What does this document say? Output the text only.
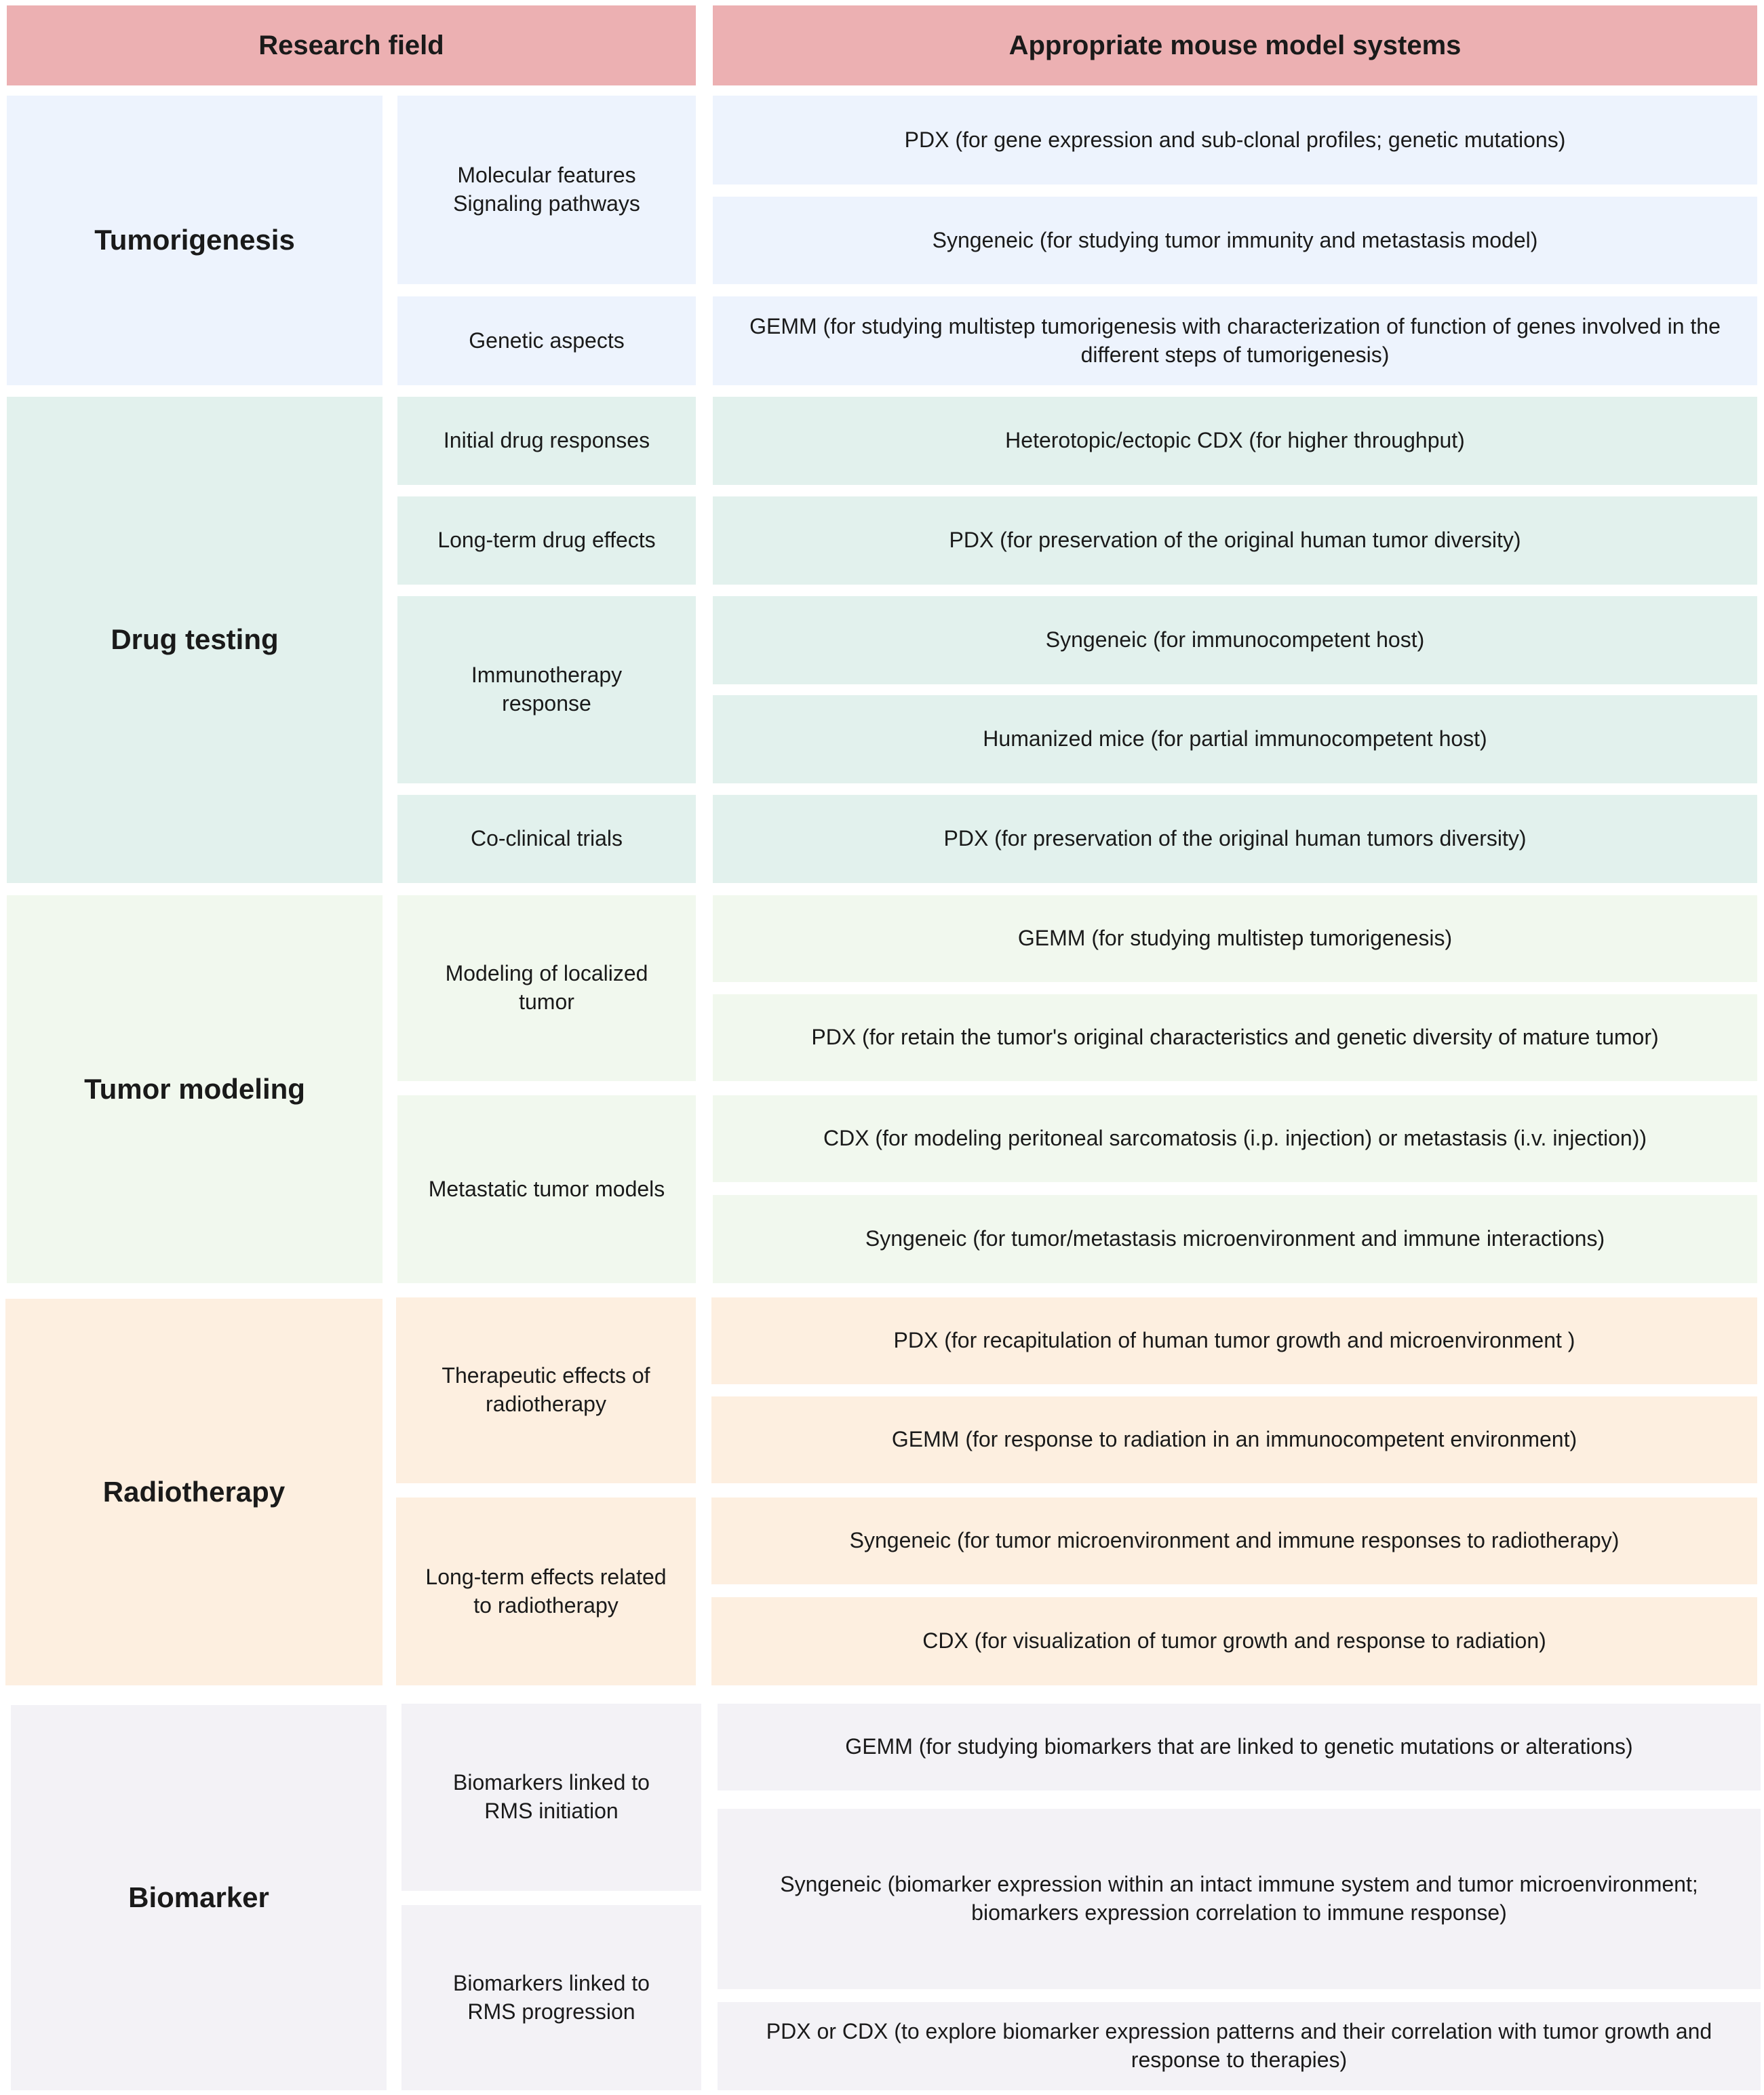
Research field	Appropriate mouse model systems
Tumorigenesis
Molecular features
Signaling pathways
Genetic aspects
PDX (for gene expression and sub-clonal profiles; genetic mutations)
Syngeneic (for studying tumor immunity and metastasis model)
GEMM (for studying multistep tumorigenesis with characterization of function of genes involved in the different steps of tumorigenesis)
Drug testing
Initial drug responses
Long-term drug effects
Immunotherapy response
Co-clinical trials
Heterotopic/ectopic CDX (for higher throughput)
PDX (for preservation of the original human tumor diversity)
Syngeneic (for immunocompetent host)
Humanized mice (for partial immunocompetent host)
PDX (for preservation of the original human tumors diversity)
Tumor modeling
Modeling of localized tumor
Metastatic tumor models
GEMM (for studying multistep tumorigenesis)
PDX (for retain the tumor's original characteristics and genetic diversity of mature tumor)
CDX (for modeling peritoneal sarcomatosis (i.p. injection) or metastasis (i.v. injection))
Syngeneic (for tumor/metastasis microenvironment and immune interactions)
Radiotherapy
Therapeutic effects of radiotherapy
Long-term effects related to radiotherapy
PDX (for recapitulation of human tumor growth and microenvironment )
GEMM (for response to radiation in an immunocompetent environment)
Syngeneic (for tumor microenvironment and immune responses to radiotherapy)
CDX (for visualization of tumor growth and response to radiation)
Biomarker
Biomarkers linked to RMS initiation
Biomarkers linked to RMS progression
GEMM (for studying biomarkers that are linked to genetic mutations or alterations)
Syngeneic (biomarker expression within an intact immune system and tumor microenvironment; biomarkers expression correlation to immune response)
PDX or CDX (to explore biomarker expression patterns and their correlation with tumor growth and response to therapies)
